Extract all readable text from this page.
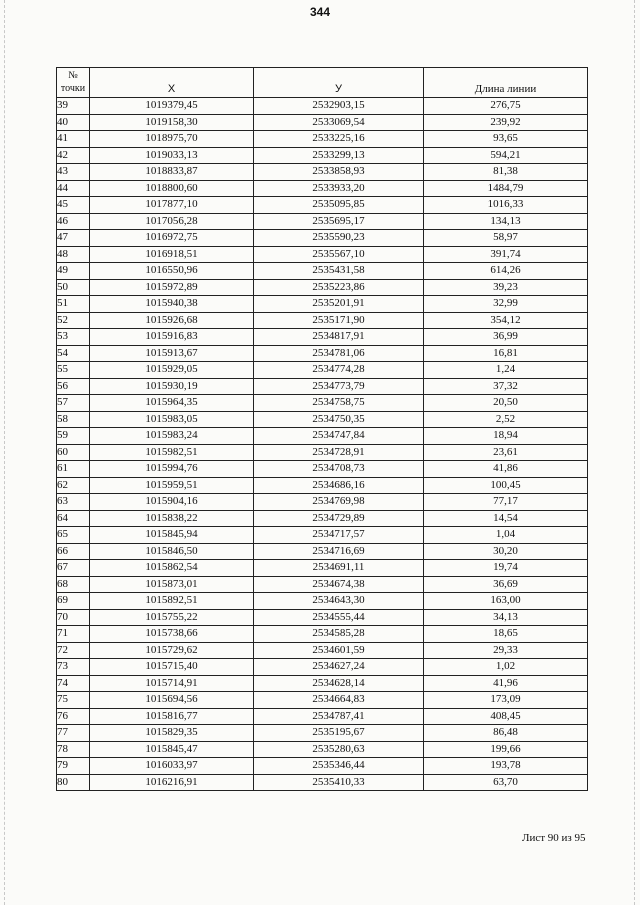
344
№
точки	X	У	Длина линии
39	1019379,45	2532903,15	276,75
40	1019158,30	2533069,54	239,92
41	1018975,70	2533225,16	93,65
42	1019033,13	2533299,13	594,21
43	1018833,87	2533858,93	81,38
44	1018800,60	2533933,20	1484,79
45	1017877,10	2535095,85	1016,33
46	1017056,28	2535695,17	134,13
47	1016972,75	2535590,23	58,97
48	1016918,51	2535567,10	391,74
49	1016550,96	2535431,58	614,26
50	1015972,89	2535223,86	39,23
51	1015940,38	2535201,91	32,99
52	1015926,68	2535171,90	354,12
53	1015916,83	2534817,91	36,99
54	1015913,67	2534781,06	16,81
55	1015929,05	2534774,28	1,24
56	1015930,19	2534773,79	37,32
57	1015964,35	2534758,75	20,50
58	1015983,05	2534750,35	2,52
59	1015983,24	2534747,84	18,94
60	1015982,51	2534728,91	23,61
61	1015994,76	2534708,73	41,86
62	1015959,51	2534686,16	100,45
63	1015904,16	2534769,98	77,17
64	1015838,22	2534729,89	14,54
65	1015845,94	2534717,57	1,04
66	1015846,50	2534716,69	30,20
67	1015862,54	2534691,11	19,74
68	1015873,01	2534674,38	36,69
69	1015892,51	2534643,30	163,00
70	1015755,22	2534555,44	34,13
71	1015738,66	2534585,28	18,65
72	1015729,62	2534601,59	29,33
73	1015715,40	2534627,24	1,02
74	1015714,91	2534628,14	41,96
75	1015694,56	2534664,83	173,09
76	1015816,77	2534787,41	408,45
77	1015829,35	2535195,67	86,48
78	1015845,47	2535280,63	199,66
79	1016033,97	2535346,44	193,78
80	1016216,91	2535410,33	63,70
Лист 90 из 95
